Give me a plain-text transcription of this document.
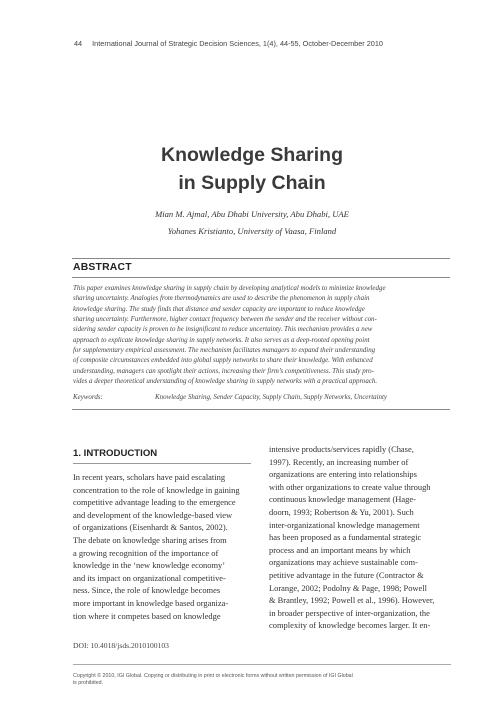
44 International Journal of Strategic Decision Sciences, 1(4), 44-55, October-December 2010
Knowledge Sharing
in Supply Chain
Mian M. Ajmal, Abu Dhabi University, Abu Dhabi, UAE
Yohanes Kristianto, University of Vaasa, Finland
ABSTRACT
This paper examines knowledge sharing in supply chain by developing analytical models to minimize knowledge
sharing uncertainty. Analogies from thermodynamics are used to describe the phenomenon in supply chain
knowledge sharing. The study finds that distance and sender capacity are important to reduce knowledge
sharing uncertainty. Furthermore, higher contact frequency between the sender and the receiver without con-
sidering sender capacity is proven to be insignificant to reduce uncertainty. This mechanism provides a new
approach to explicate knowledge sharing in supply networks. It also serves as a deep-rooted opening point
for supplementary empirical assessment. The mechanism facilitates managers to expand their understanding
of composite circumstances embedded into global supply networks to share their knowledge. With enhanced
understanding, managers can spotlight their actions, increasing their firm’s competitiveness. This study pro-
vides a deeper theoretical understanding of knowledge sharing in supply networks with a practical approach.
Keywords:	Knowledge Sharing, Sender Capacity, Supply Chain, Supply Networks, Uncertainty
1. INTRODUCTION
In recent years, scholars have paid escalating
concentration to the role of knowledge in gaining
competitive advantage leading to the emergence
and development of the knowledge-based view
of organizations (Eisenhardt & Santos, 2002).
The debate on knowledge sharing arises from
a growing recognition of the importance of
knowledge in the ‘new knowledge economy’
and its impact on organizational competitive-
ness. Since, the role of knowledge becomes
more important in knowledge based organiza-
tion where it competes based on knowledge
intensive products/services rapidly (Chase,
1997). Recently, an increasing number of
organizations are entering into relationships
with other organizations to create value through
continuous knowledge management (Hage-
doorn, 1993; Robertson & Yu, 2001). Such
inter-organizational knowledge management
has been proposed as a fundamental strategic
process and an important means by which
organizations may achieve sustainable com-
petitive advantage in the future (Contractor &
Lorange, 2002; Podolny & Page, 1998; Powell
& Brantley, 1992; Powell et al., 1996). However,
in broader perspective of inter-organization, the
complexity of knowledge becomes larger. It en-
DOI: 10.4018/jsds.2010100103
Copyright © 2010, IGI Global. Copying or distributing in print or electronic forms without written permission of IGI Global
is prohibited.
